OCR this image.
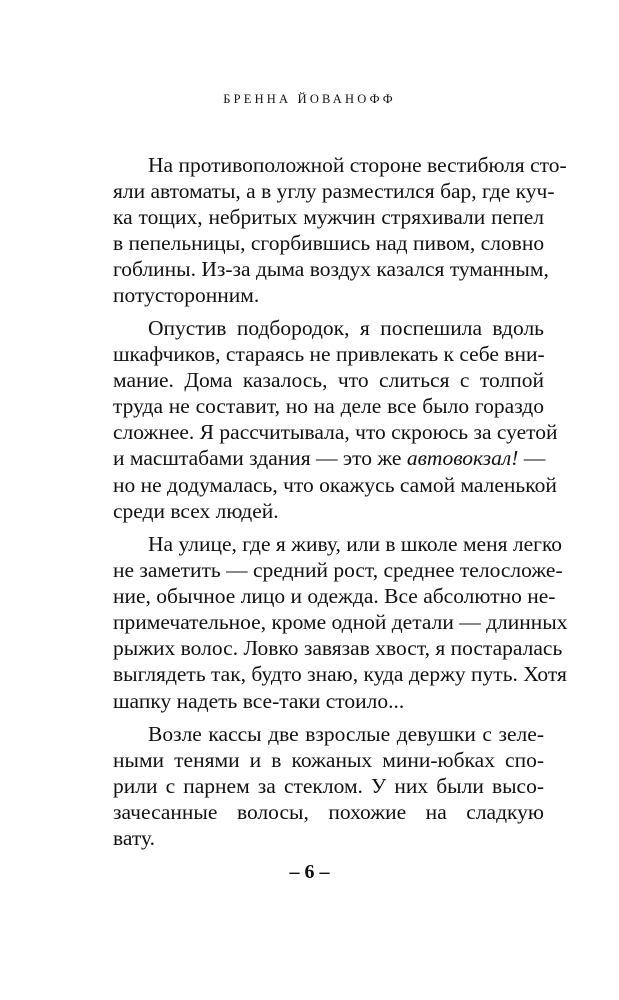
БРЕННА ЙОВАНОФФ
На противоположной стороне вестибюля сто-
яли автоматы, а в углу разместился бар, где куч-
ка тощих, небритых мужчин стряхивали пепел
в пепельницы, сгорбившись над пивом, словно
гоблины. Из-за дыма воздух казался туманным,
потусторонним.
Опустив подбородок, я поспешила вдоль
шкафчиков, стараясь не привлекать к себе вни-
мание. Дома казалось, что слиться с толпой
труда не составит, но на деле все было гораздо
сложнее. Я рассчитывала, что скроюсь за суетой
и масштабами здания — это же автовокзал! —
но не додумалась, что окажусь самой маленькой
среди всех людей.
На улице, где я живу, или в школе меня легко
не заметить — средний рост, среднее телосложе-
ние, обычное лицо и одежда. Все абсолютно не-
примечательное, кроме одной детали — длинных
рыжих волос. Ловко завязав хвост, я постаралась
выглядеть так, будто знаю, куда держу путь. Хотя
шапку надеть все-таки стоило...
Возле кассы две взрослые девушки с зеле-
ными тенями и в кожаных мини-юбках спо-
рили с парнем за стеклом. У них были высо-
зачесанные волосы, похожие на сладкую
вату.
– 6 –
